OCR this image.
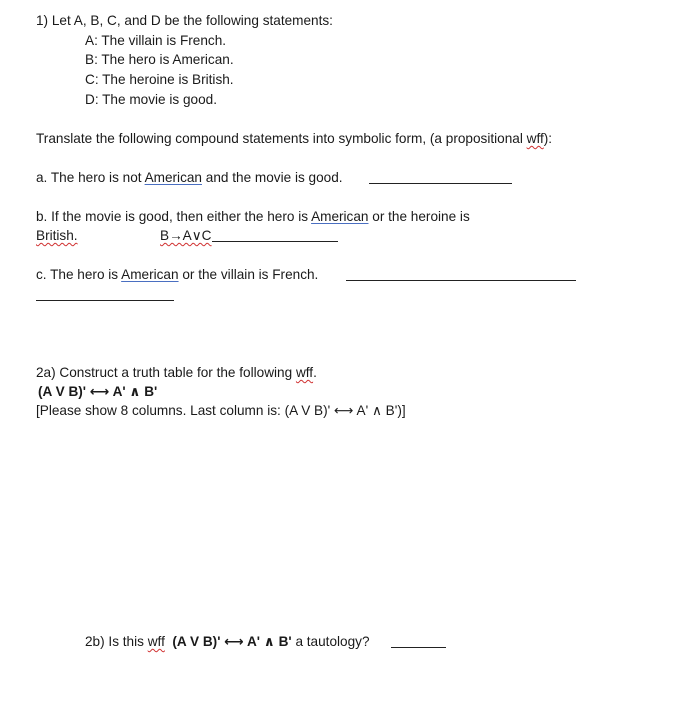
1) Let A, B, C, and D be the following statements:
A: The villain is French.
B: The hero is American.
C: The heroine is British.
D: The movie is good.
Translate the following compound statements into symbolic form, (a propositional wff):
a. The hero is not American and the movie is good.
b. If the movie is good, then either the hero is American or the heroine is
British.	B→A∨C
c. The hero is American or the villain is French.
2a) Construct a truth table for the following wff.
(A V B)' ⟷ A' ∧ B'
[Please show 8 columns. Last column is: (A V B)' ⟷ A' ∧ B')]
2b) Is this wff (A V B)' ⟷ A' ∧ B' a tautology?
